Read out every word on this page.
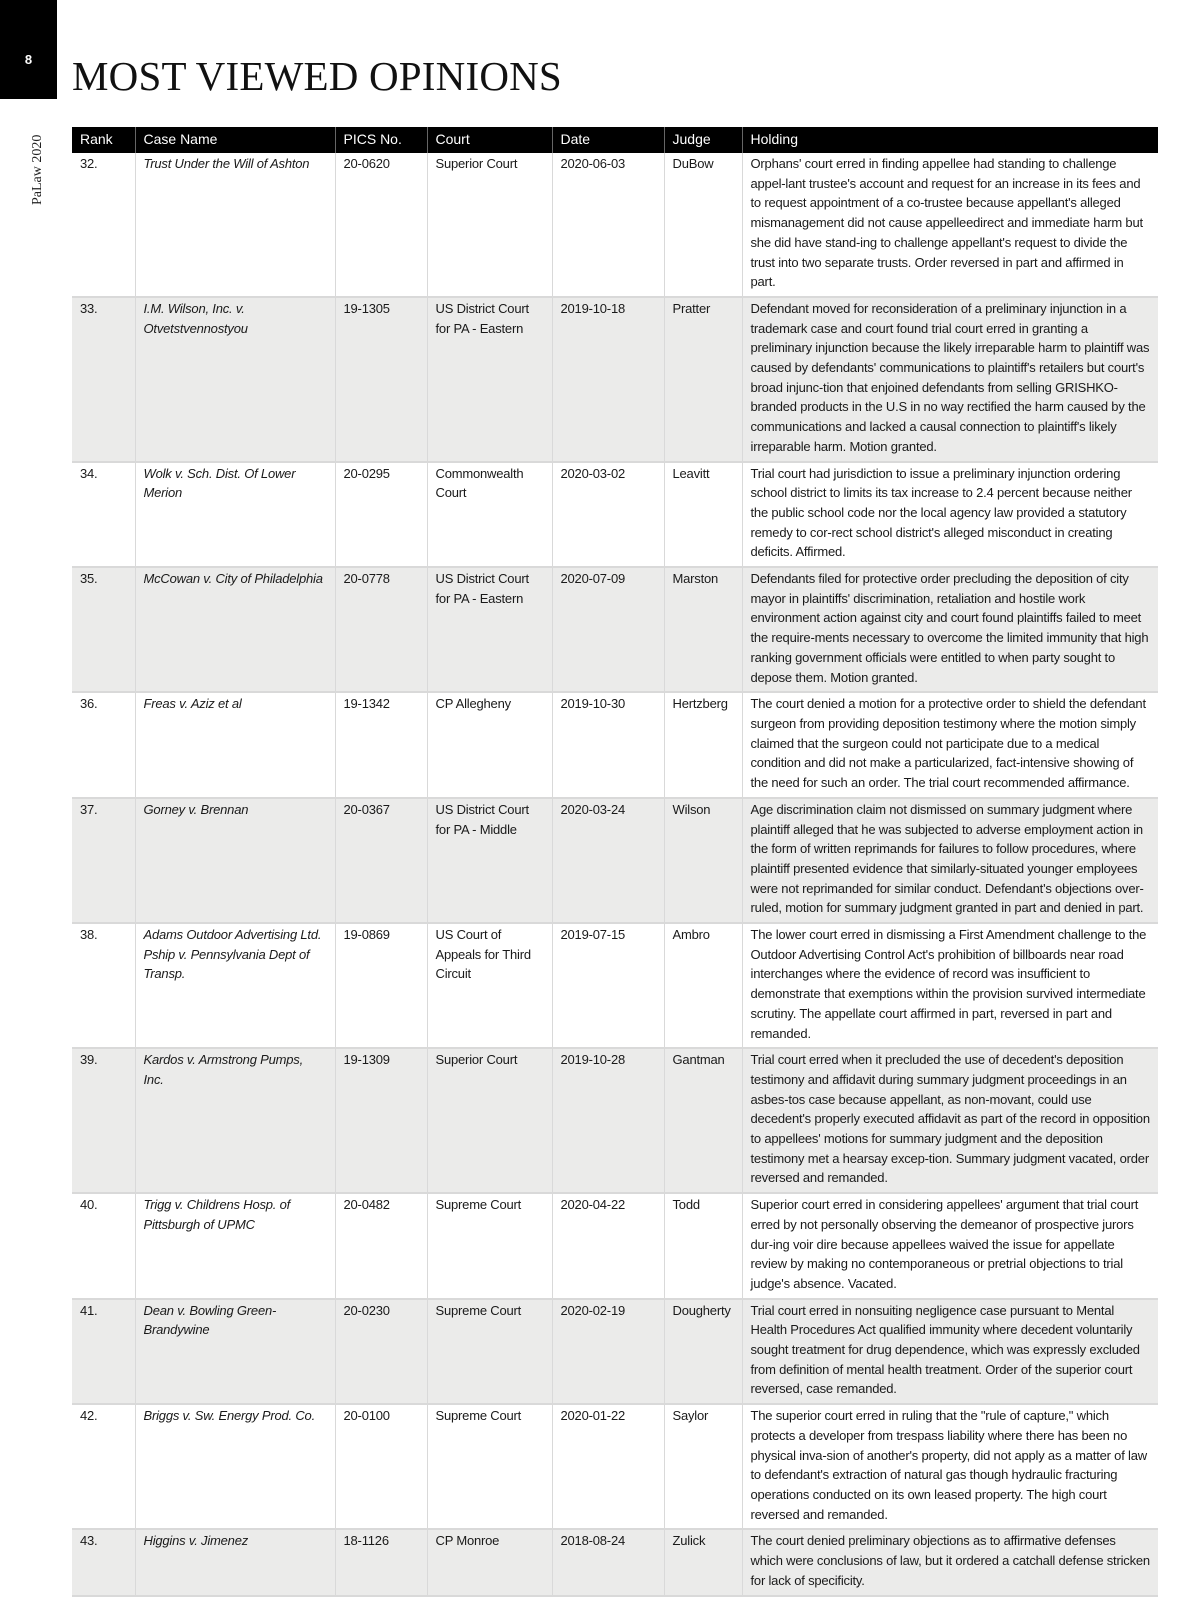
8
PaLaw 2020
MOST VIEWED OPINIONS
Rank	Case Name	PICS No.	Court	Date	Judge	Holding
32.	Trust Under the Will of Ashton	20-0620	Superior Court	2020-06-03	DuBow	Orphans' court erred in finding appellee had standing to challenge appel-lant trustee's account and request for an increase in its fees and to request appointment of a co-trustee because appellant's alleged mismanagement did not cause appelleedirect and immediate harm but she did have stand-ing to challenge appellant's request to divide the trust into two separate trusts. Order reversed in part and affirmed in part.
33.	I.M. Wilson, Inc. v. Otvetstvennostyou	19-1305	US District Court for PA - Eastern	2019-10-18	Pratter	Defendant moved for reconsideration of a preliminary injunction in a trademark case and court found trial court erred in granting a preliminary injunction because the likely irreparable harm to plaintiff was caused by defendants' communications to plaintiff's retailers but court's broad injunc-tion that enjoined defendants from selling GRISHKO-branded products in the U.S in no way rectified the harm caused by the communications and lacked a causal connection to plaintiff's likely irreparable harm. Motion granted.
34.	Wolk v. Sch. Dist. Of Lower Merion	20-0295	Commonwealth Court	2020-03-02	Leavitt	Trial court had jurisdiction to issue a preliminary injunction ordering school district to limits its tax increase to 2.4 percent because neither the public school code nor the local agency law provided a statutory remedy to cor-rect school district's alleged misconduct in creating deficits. Affirmed.
35.	McCowan v. City of Philadelphia	20-0778	US District Court for PA - Eastern	2020-07-09	Marston	Defendants filed for protective order precluding the deposition of city mayor in plaintiffs' discrimination, retaliation and hostile work environment action against city and court found plaintiffs failed to meet the require-ments necessary to overcome the limited immunity that high ranking government officials were entitled to when party sought to depose them. Motion granted.
36.	Freas v. Aziz et al	19-1342	CP Allegheny	2019-10-30	Hertzberg	The court denied a motion for a protective order to shield the defendant surgeon from providing deposition testimony where the motion simply claimed that the surgeon could not participate due to a medical condition and did not make a particularized, fact-intensive showing of the need for such an order. The trial court recommended affirmance.
37.	Gorney v. Brennan	20-0367	US District Court for PA - Middle	2020-03-24	Wilson	Age discrimination claim not dismissed on summary judgment where plaintiff alleged that he was subjected to adverse employment action in the form of written reprimands for failures to follow procedures, where plaintiff presented evidence that similarly-situated younger employees were not reprimanded for similar conduct. Defendant's objections over-ruled, motion for summary judgment granted in part and denied in part.
38.	Adams Outdoor Advertising Ltd. Pship v. Pennsylvania Dept of Transp.	19-0869	US Court of Appeals for Third Circuit	2019-07-15	Ambro	The lower court erred in dismissing a First Amendment challenge to the Outdoor Advertising Control Act's prohibition of billboards near road interchanges where the evidence of record was insufficient to demonstrate that exemptions within the provision survived intermediate scrutiny. The appellate court affirmed in part, reversed in part and remanded.
39.	Kardos v. Armstrong Pumps, Inc.	19-1309	Superior Court	2019-10-28	Gantman	Trial court erred when it precluded the use of decedent's deposition testimony and affidavit during summary judgment proceedings in an asbes-tos case because appellant, as non-movant, could use decedent's properly executed affidavit as part of the record in opposition to appellees' motions for summary judgment and the deposition testimony met a hearsay excep-tion. Summary judgment vacated, order reversed and remanded.
40.	Trigg v. Childrens Hosp. of Pittsburgh of UPMC	20-0482	Supreme Court	2020-04-22	Todd	Superior court erred in considering appellees' argument that trial court erred by not personally observing the demeanor of prospective jurors dur-ing voir dire because appellees waived the issue for appellate review by making no contemporaneous or pretrial objections to trial judge's absence. Vacated.
41.	Dean v. Bowling Green-Brandywine	20-0230	Supreme Court	2020-02-19	Dougherty	Trial court erred in nonsuiting negligence case pursuant to Mental Health Procedures Act qualified immunity where decedent voluntarily sought treatment for drug dependence, which was expressly excluded from definition of mental health treatment. Order of the superior court reversed, case remanded.
42.	Briggs v. Sw. Energy Prod. Co.	20-0100	Supreme Court	2020-01-22	Saylor	The superior court erred in ruling that the "rule of capture," which protects a developer from trespass liability where there has been no physical inva-sion of another's property, did not apply as a matter of law to defendant's extraction of natural gas though hydraulic fracturing operations conducted on its own leased property. The high court reversed and remanded.
43.	Higgins v. Jimenez	18-1126	CP Monroe	2018-08-24	Zulick	The court denied preliminary objections as to affirmative defenses which were conclusions of law, but it ordered a catchall defense stricken for lack of specificity.
